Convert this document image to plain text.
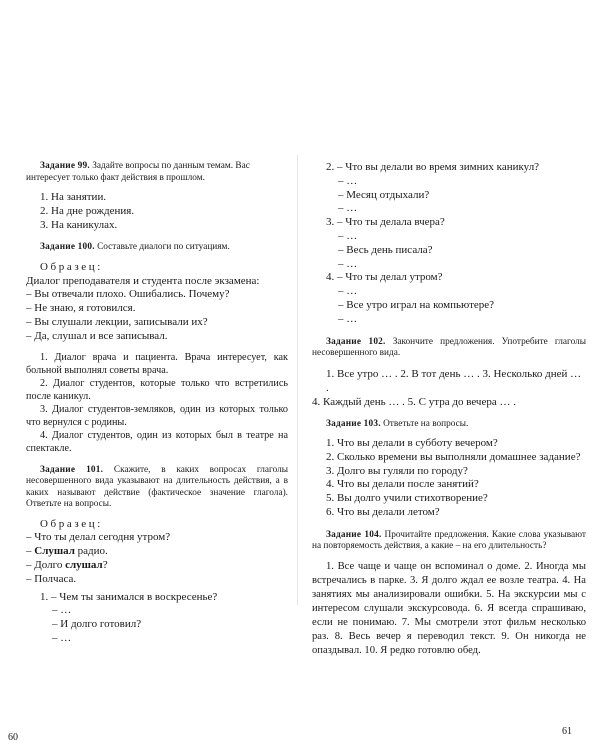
Задание 99. Задайте вопросы по данным темам. Вас интересует только факт действия в прошлом.

1. На занятии.

2. На дне рождения.

3. На каникулах.

Задание 100. Составьте диалоги по ситуациям.

Образец:

Диалог преподавателя и студента после экзамена:

– Вы отвечали плохо. Ошибались. Почему?

– Не знаю, я готовился.

– Вы слушали лекции, записывали их?

– Да, слушал и все записывал.

1. Диалог врача и пациента. Врача интересует, как больной выполнял советы врача.

2. Диалог студентов, которые только что встретились после каникул.

3. Диалог студентов-земляков, один из которых только что вернулся с родины.

4. Диалог студентов, один из которых был в театре на спектакле.

Задание 101. Скажите, в каких вопросах глаголы несовершенного вида указывают на длительность действия, а в каких называют действие (фактическое значение глагола). Ответьте на вопросы.

Образец:

– Что ты делал сегодня утром?

– Слушал радио.

– Долго слушал?

– Полчаса.

1. – Чем ты занимался в воскресенье?

– …

– И долго готовил?

– …

60

2. – Что вы делали во время зимних каникул?

– …

– Месяц отдыхали?

– …

3. – Что ты делала вчера?

– …

– Весь день писала?

– …

4. – Что ты делал утром?

– …

– Все утро играл на компьютере?

– …

Задание 102. Закончите предложения. Употребите глаголы несовершенного вида.

1. Все утро … . 2. В тот день … . 3. Несколько дней … .

4. Каждый день … . 5. С утра до вечера … .

Задание 103. Ответьте на вопросы.

1. Что вы делали в субботу вечером?

2. Сколько времени вы выполняли домашнее задание?

3. Долго вы гуляли по городу?

4. Что вы делали после занятий?

5. Вы долго учили стихотворение?

6. Что вы делали летом?

Задание 104. Прочитайте предложения. Какие слова указывают на повторяемость действия, а какие – на его длительность?

1. Все чаще и чаще он вспоминал о доме. 2. Иногда мы встречались в парке. 3. Я долго ждал ее возле театра. 4. На занятиях мы анализировали ошибки. 5. На экскурсии мы с интересом слушали экскурсовода. 6. Я всегда спрашиваю, если не понимаю. 7. Мы смотрели этот фильм несколько раз. 8. Весь вечер я переводил текст. 9. Он никогда не опаздывал. 10. Я редко готовлю обед.

61
